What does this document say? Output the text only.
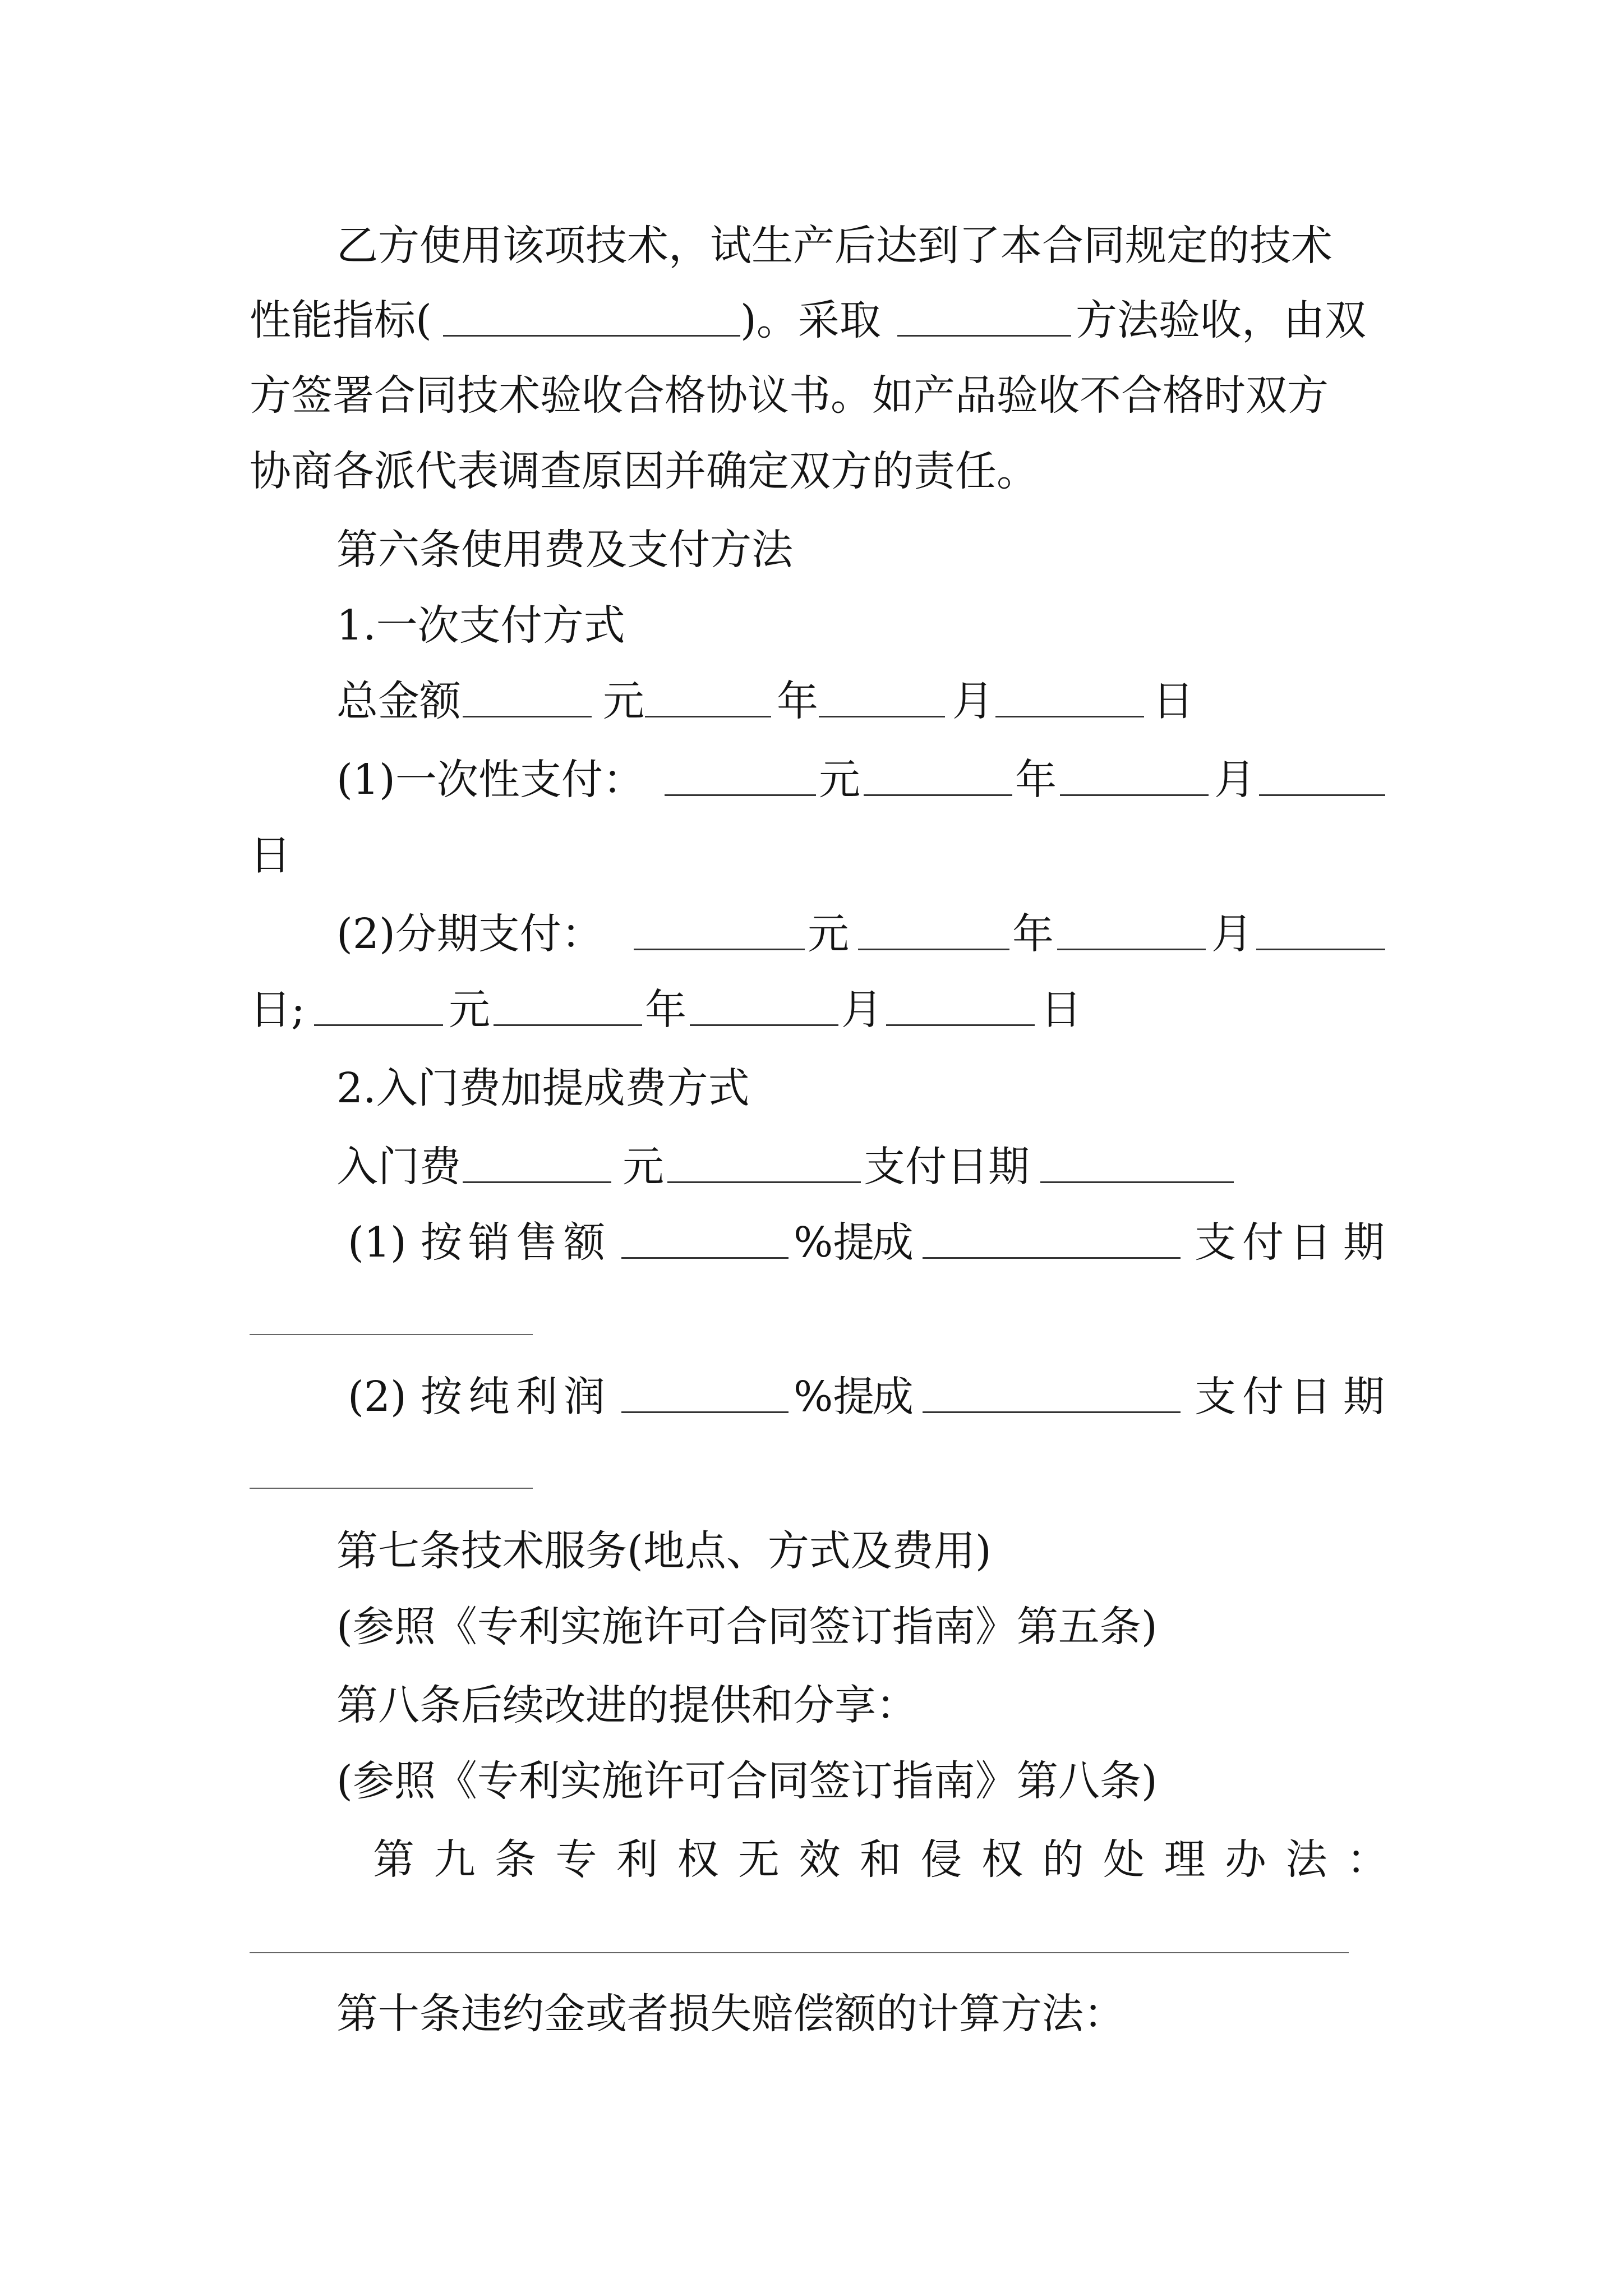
乙方使用该项技术，试生产后达到了本合同规定的技术
性能指标(	)。采取	方法验收，由双
方签署合同技术验收合格协议书。如产品验收不合格时双方
协商各派代表调查原因并确定双方的责任。
第六条使用费及支付方法
1.一次支付方式
总金额	元	年	月	日
(1)一次性支付：	元	年	月
日
(2)分期支付：	元	年	月
日;	元	年	月	日
2.入门费加提成费方式
入门费	元	支付日期
(1) 按 销 售 额	%提
成	支 付 日 期
(2) 按 纯 利 润	%提
成	支 付 日 期
第七条技术服务(地点、方式及费用)
(参照《专利实施许可合同签订指南》第五条)
第八条后续改进的提供和分享：
(参照《专利实施许可合同签订指南》第八条)
第 九 条 专 利 权 无 效 和 侵 权 的 处 理 办 法 ：
第十条违约金或者损失赔偿额的计算方法：
